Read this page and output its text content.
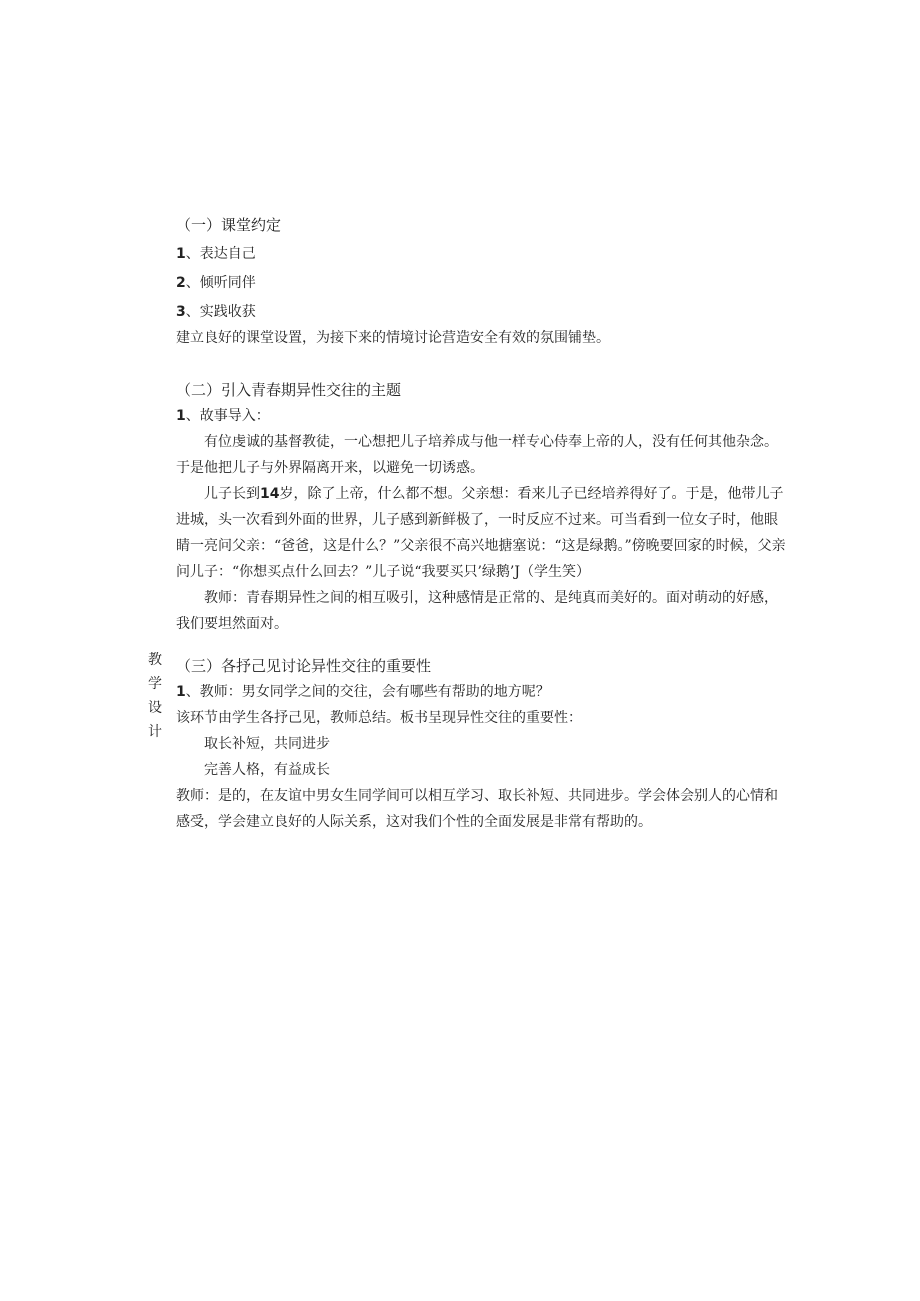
教
学
设
计

（一）课堂约定

1、表达自己

2、倾听同伴

3、实践收获

建立良好的课堂设置，为接下来的情境讨论营造安全有效的氛围铺垫。

（二）引入青春期异性交往的主题

1、故事导入：

有位虔诚的基督教徒，一心想把儿子培养成与他一样专心侍奉上帝的人，没有任何其他杂念。于是他把儿子与外界隔离开来，以避免一切诱惑。

儿子长到14岁，除了上帝，什么都不想。父亲想：看来儿子已经培养得好了。于是，他带儿子进城，头一次看到外面的世界，儿子感到新鲜极了，一时反应不过来。可当看到一位女子时，他眼睛一亮问父亲：“爸爸，这是什么？”父亲很不高兴地搪塞说：“这是绿鹅。”傍晚要回家的时候，父亲问儿子：“你想买点什么回去？”儿子说“我要买只’绿鹅’J（学生笑）

教师：青春期异性之间的相互吸引，这种感情是正常的、是纯真而美好的。面对萌动的好感，我们要坦然面对。

（三）各抒己见讨论异性交往的重要性

1、教师：男女同学之间的交往，会有哪些有帮助的地方呢？

该环节由学生各抒己见，教师总结。板书呈现异性交往的重要性：

取长补短，共同进步

完善人格，有益成长

教师：是的，在友谊中男女生同学间可以相互学习、取长补短、共同进步。学会体会别人的心情和感受，学会建立良好的人际关系，这对我们个性的全面发展是非常有帮助的。
